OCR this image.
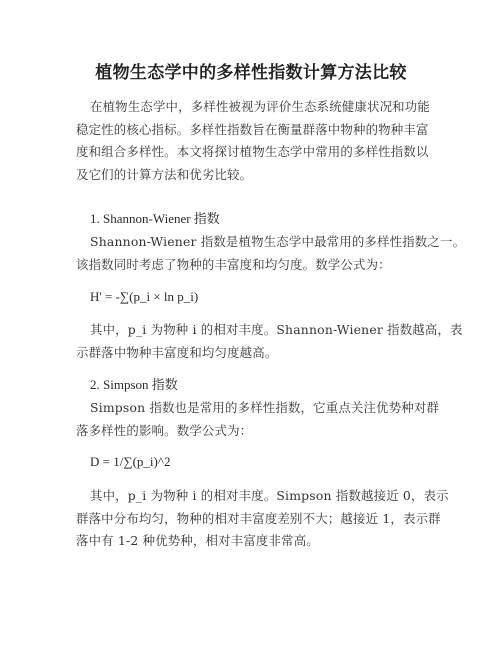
植物生态学中的多样性指数计算方法比较

在植物生态学中，多样性被视为评价生态系统健康状况和功能
稳定性的核心指标。多样性指数旨在衡量群落中物种的物种丰富
度和组合多样性。本文将探讨植物生态学中常用的多样性指数以
及它们的计算方法和优劣比较。

1. Shannon-Wiener 指数

Shannon-Wiener 指数是植物生态学中最常用的多样性指数之一。
该指数同时考虑了物种的丰富度和均匀度。数学公式为：

H' = -∑(p_i × ln p_i)

其中，p_i 为物种 i 的相对丰度。Shannon-Wiener 指数越高，表
示群落中物种丰富度和均匀度越高。

2. Simpson 指数

Simpson 指数也是常用的多样性指数，它重点关注优势种对群
落多样性的影响。数学公式为：

D = 1/∑(p_i)^2

其中，p_i 为物种 i 的相对丰度。Simpson 指数越接近 0，表示
群落中分布均匀，物种的相对丰富度差别不大；越接近 1，表示群
落中有 1-2 种优势种，相对丰富度非常高。
